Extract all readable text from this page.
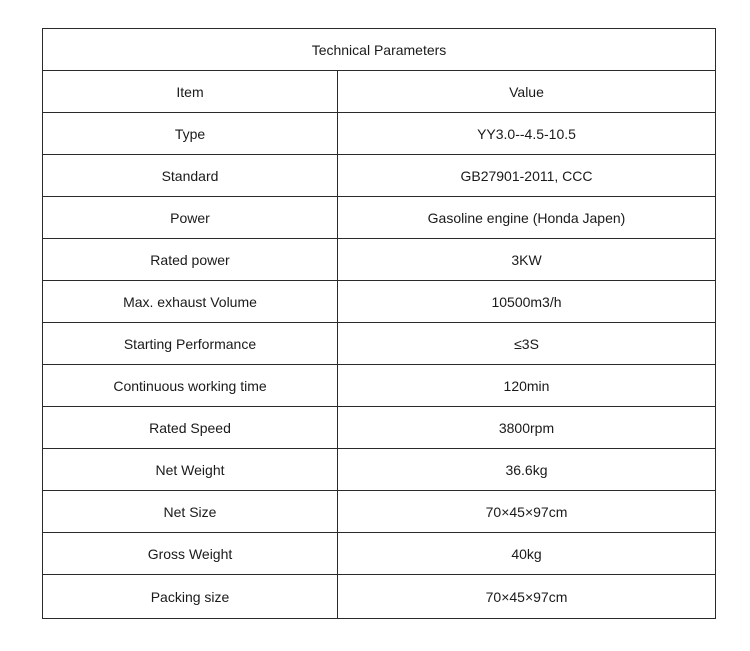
Technical Parameters	
Item	Value
Type	YY3.0--4.5-10.5
Standard	GB27901-2011, CCC
Power	Gasoline engine (Honda Japen)
Rated power	3KW
Max. exhaust Volume	10500m3/h
Starting Performance	≤3S
Continuous working time	120min
Rated Speed	3800rpm
Net Weight	36.6kg
Net Size	70×45×97cm
Gross Weight	40kg
Packing size	70×45×97cm
